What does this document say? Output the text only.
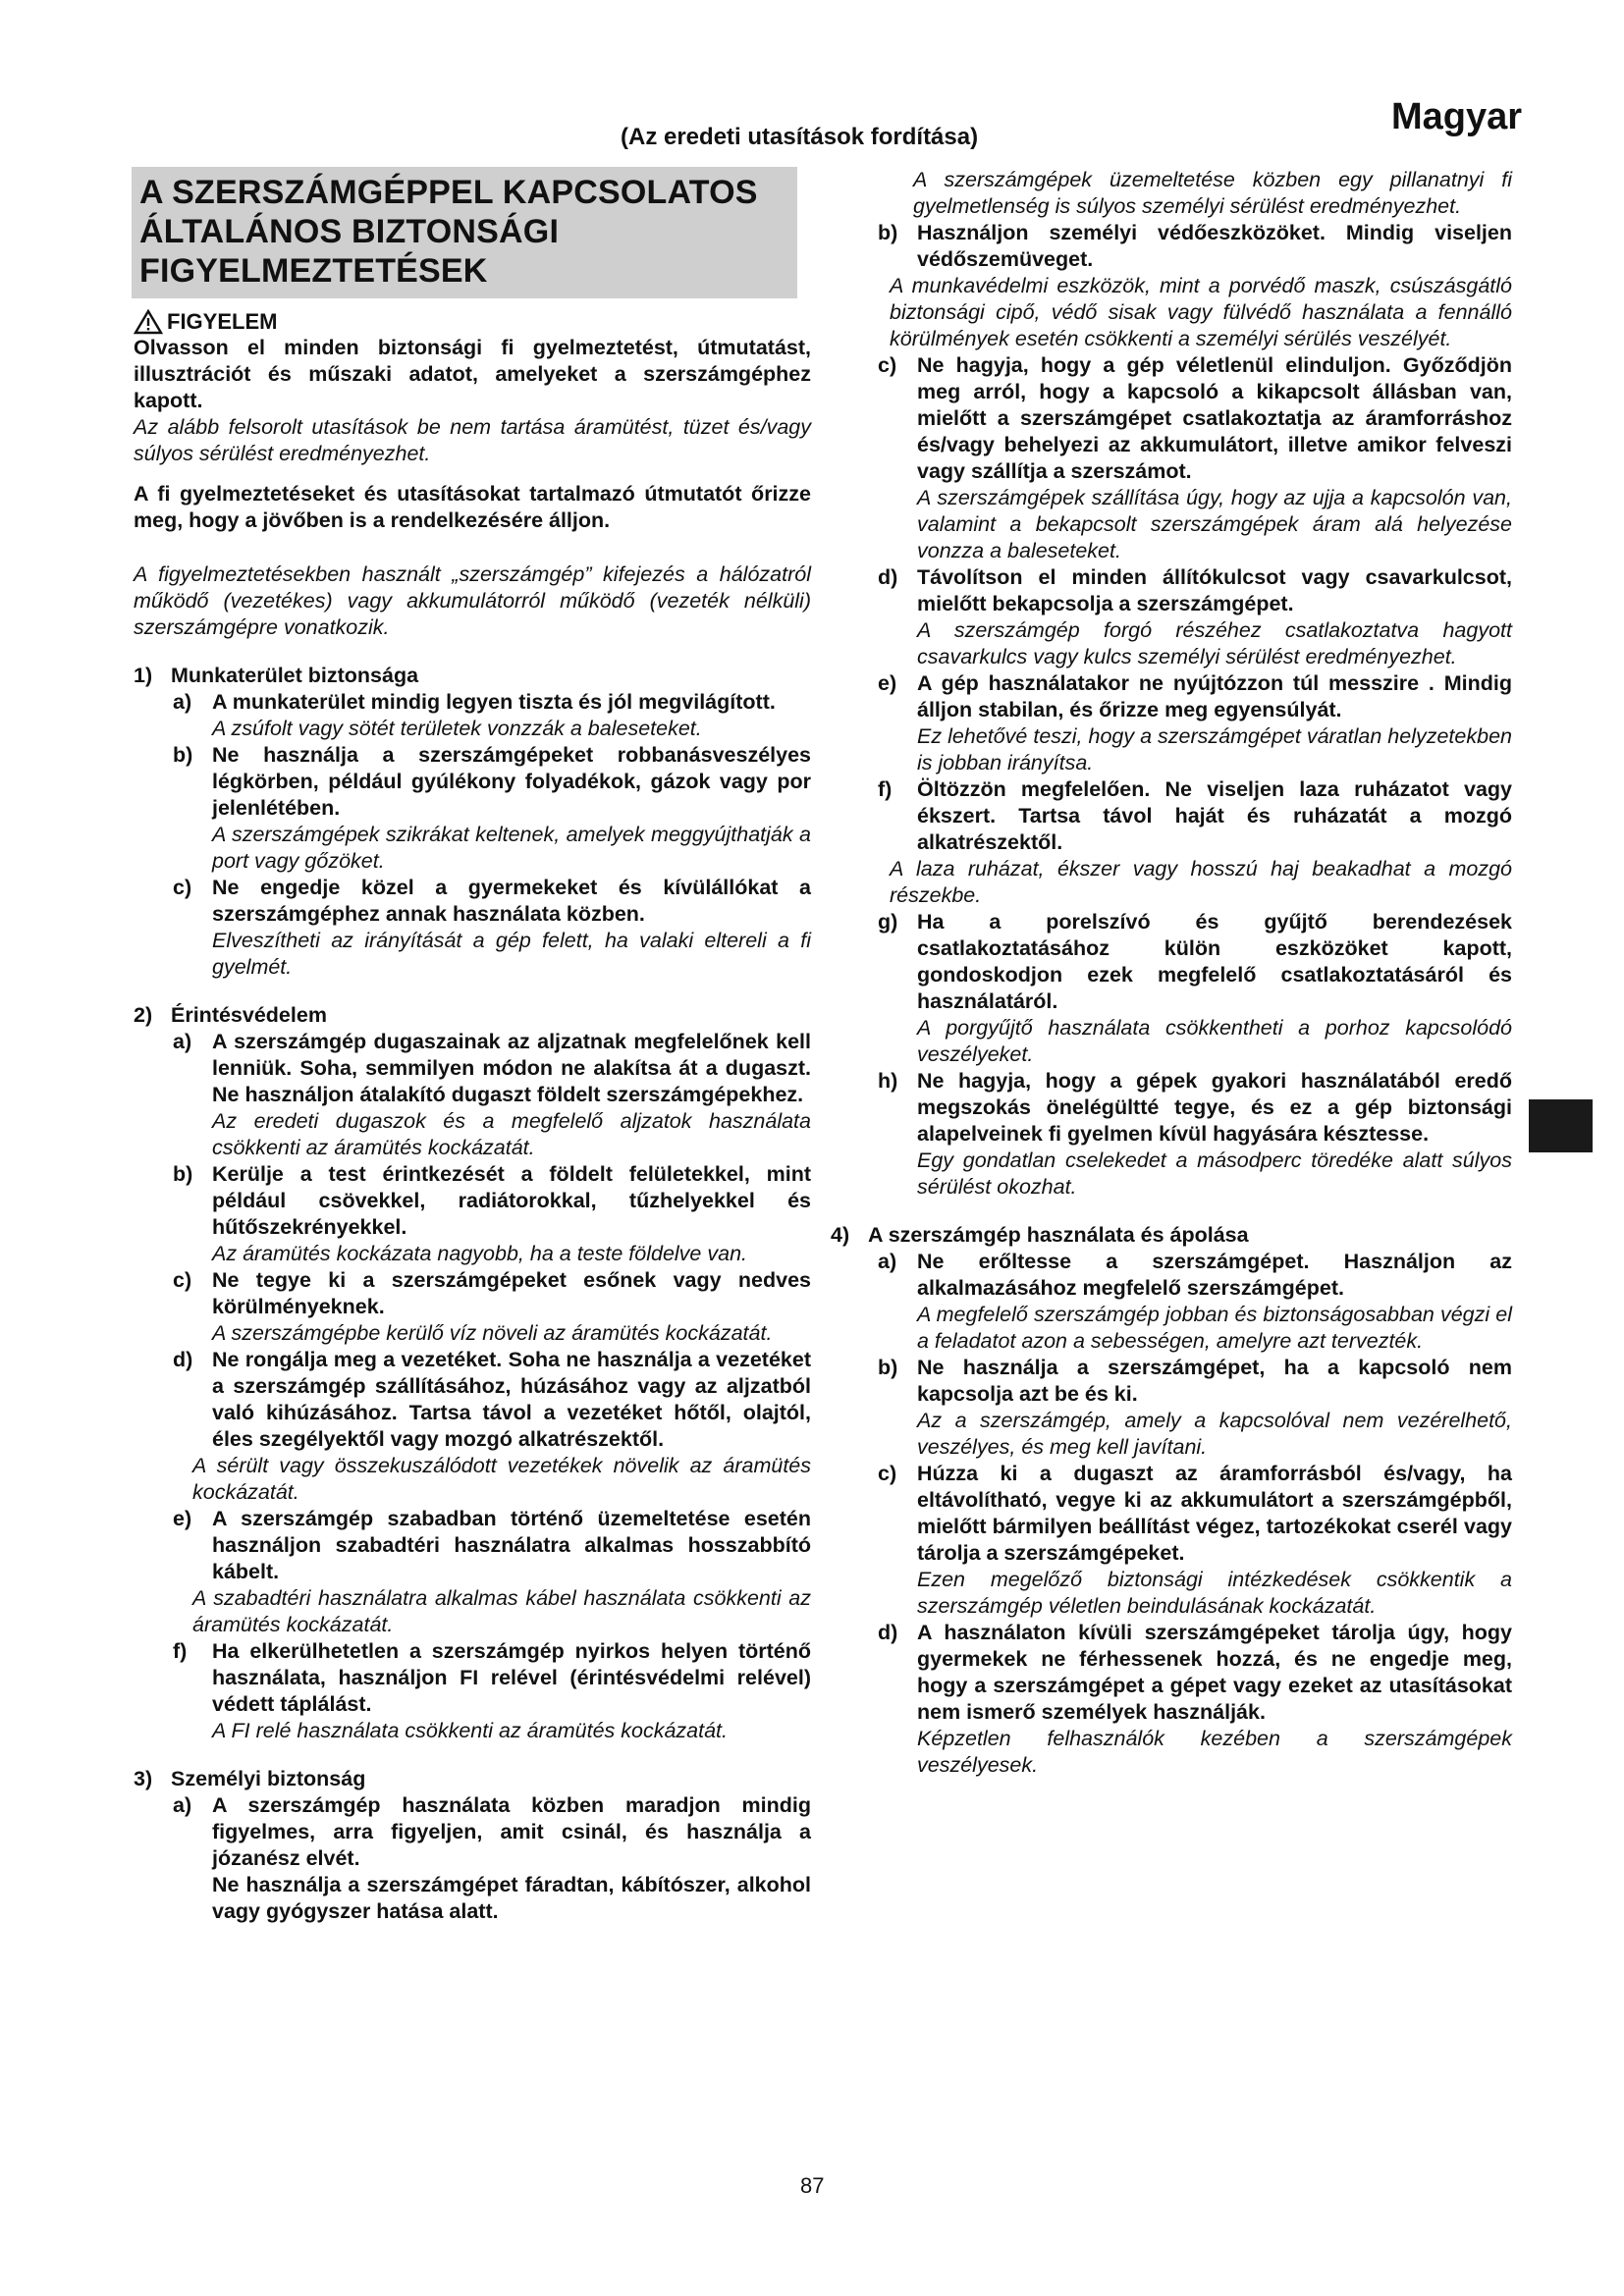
(Az eredeti utasítások fordítása)	Magyar
A SZERSZÁMGÉPPEL KAPCSOLATOS ÁLTALÁNOS BIZTONSÁGI FIGYELMEZTETÉSEK
FIGYELEM
Olvasson el minden biztonsági fi gyelmeztetést, útmutatást, illusztrációt és műszaki adatot, amelyeket a szerszámgéphez kapott.
Az alább felsorolt utasítások be nem tartása áramütést, tüzet és/vagy súlyos sérülést eredményezhet.
A fi gyelmeztetéseket és utasításokat tartalmazó útmutatót őrizze meg, hogy a jövőben is a rendelkezésére álljon.
A figyelmeztetésekben használt „szerszámgép” kifejezés a hálózatról működő (vezetékes) vagy akkumulátorról működő (vezeték nélküli) szerszámgépre vonatkozik.
1) Munkaterület biztonsága
a) A munkaterület mindig legyen tiszta és jól megvilágított.
A zsúfolt vagy sötét területek vonzzák a baleseteket.
b) Ne használja a szerszámgépeket robbanásveszélyes légkörben, például gyúlékony folyadékok, gázok vagy por jelenlétében.
A szerszámgépek szikrákat keltenek, amelyek meggyújthatják a port vagy gőzöket.
c) Ne engedje közel a gyermekeket és kívülállókat a szerszámgéphez annak használata közben.
Elveszítheti az irányítását a gép felett, ha valaki eltereli a fi gyelmét.
2) Érintésvédelem
a) A szerszámgép dugaszainak az aljzatnak megfelelőnek kell lenniük. Soha, semmilyen módon ne alakítsa át a dugaszt. Ne használjon átalakító dugaszt földelt szerszámgépekhez.
Az eredeti dugaszok és a megfelelő aljzatok használata csökkenti az áramütés kockázatát.
b) Kerülje a test érintkezését a földelt felületekkel, mint például csövekkel, radiátorokkal, tűzhelyekkel és hűtőszekrényekkel.
Az áramütés kockázata nagyobb, ha a teste földelve van.
c) Ne tegye ki a szerszámgépeket esőnek vagy nedves körülményeknek.
A szerszámgépbe kerülő víz növeli az áramütés kockázatát.
d) Ne rongálja meg a vezetéket. Soha ne használja a vezetéket a szerszámgép szállításához, húzásához vagy az aljzatból való kihúzásához. Tartsa távol a vezetéket hőtől, olajtól, éles szegélyektől vagy mozgó alkatrészektől.
A sérült vagy összekuszálódott vezetékek növelik az áramütés kockázatát.
e) A szerszámgép szabadban történő üzemeltetése esetén használjon szabadtéri használatra alkalmas hosszabbító kábelt.
A szabadtéri használatra alkalmas kábel használata csökkenti az áramütés kockázatát.
f)	Ha elkerülhetetlen a szerszámgép nyirkos helyen történő használata, használjon FI relével (érintésvédelmi relével) védett táplálást.
A FI relé használata csökkenti az áramütés kockázatát.
3) Személyi biztonság
a) A szerszámgép használata közben maradjon mindig figyelmes, arra figyeljen, amit csinál, és használja a józanész elvét.
Ne használja a szerszámgépet fáradtan, kábítószer, alkohol vagy gyógyszer hatása alatt.
A szerszámgépek üzemeltetése közben egy pillanatnyi fi gyelmetlenség is súlyos személyi sérülést eredményezhet.
b) Használjon személyi védőeszközöket. Mindig viseljen védőszemüveget.
A munkavédelmi eszközök, mint a porvédő maszk, csúszásgátló biztonsági cipő, védő sisak vagy fülvédő használata a fennálló körülmények esetén csökkenti a személyi sérülés veszélyét.
c) Ne hagyja, hogy a gép véletlenül elinduljon. Győződjön meg arról, hogy a kapcsoló a kikapcsolt állásban van, mielőtt a szerszámgépet csatlakoztatja az áramforráshoz és/vagy behelyezi az akkumulátort, illetve amikor felveszi vagy szállítja a szerszámot.
A szerszámgépek szállítása úgy, hogy az ujja a kapcsolón van, valamint a bekapcsolt szerszámgépek áram alá helyezése vonzza a baleseteket.
d) Távolítson el minden állítókulcsot vagy csavarkulcsot, mielőtt bekapcsolja a szerszámgépet.
A szerszámgép forgó részéhez csatlakoztatva hagyott csavarkulcs vagy kulcs személyi sérülést eredményezhet.
e) A gép használatakor ne nyújtózzon túl messzire . Mindig álljon stabilan, és őrizze meg egyensúlyát.
Ez lehetővé teszi, hogy a szerszámgépet váratlan helyzetekben is jobban irányítsa.
f)	Öltözzön megfelelően. Ne viseljen laza ruházatot vagy ékszert. Tartsa távol haját és ruházatát a mozgó alkatrészektől.
A laza ruházat, ékszer vagy hosszú haj beakadhat a mozgó részekbe.
g) Ha a porelszívó és gyűjtő berendezések csatlakoztatásához külön eszközöket kapott, gondoskodjon ezek megfelelő csatlakoztatásáról és használatáról.
A porgyűjtő használata csökkentheti a porhoz kapcsolódó veszélyeket.
h) Ne hagyja, hogy a gépek gyakori használatából eredő megszokás önelégültté tegye, és ez a gép biztonsági alapelveinek fi gyelmen kívül hagyására késztesse.
Egy gondatlan cselekedet a másodperc töredéke alatt súlyos sérülést okozhat.
4) A szerszámgép használata és ápolása
a) Ne erőltesse a szerszámgépet. Használjon az alkalmazásához megfelelő szerszámgépet.
A megfelelő szerszámgép jobban és biztonságosabban végzi el a feladatot azon a sebességen, amelyre azt tervezték.
b) Ne használja a szerszámgépet, ha a kapcsoló nem kapcsolja azt be és ki.
Az a szerszámgép, amely a kapcsolóval nem vezérelhető, veszélyes, és meg kell javítani.
c) Húzza ki a dugaszt az áramforrásból és/vagy, ha eltávolítható, vegye ki az akkumulátort a szerszámgépből, mielőtt bármilyen beállítást végez, tartozékokat cserél vagy tárolja a szerszámgépeket.
Ezen megelőző biztonsági intézkedések csökkentik a szerszámgép véletlen beindulásának kockázatát.
d) A használaton kívüli szerszámgépeket tárolja úgy, hogy gyermekek ne férhessenek hozzá, és ne engedje meg, hogy a szerszámgépet a gépet vagy ezeket az utasításokat nem ismerő személyek használják.
Képzetlen felhasználók kezében a szerszámgépek veszélyesek.
87
